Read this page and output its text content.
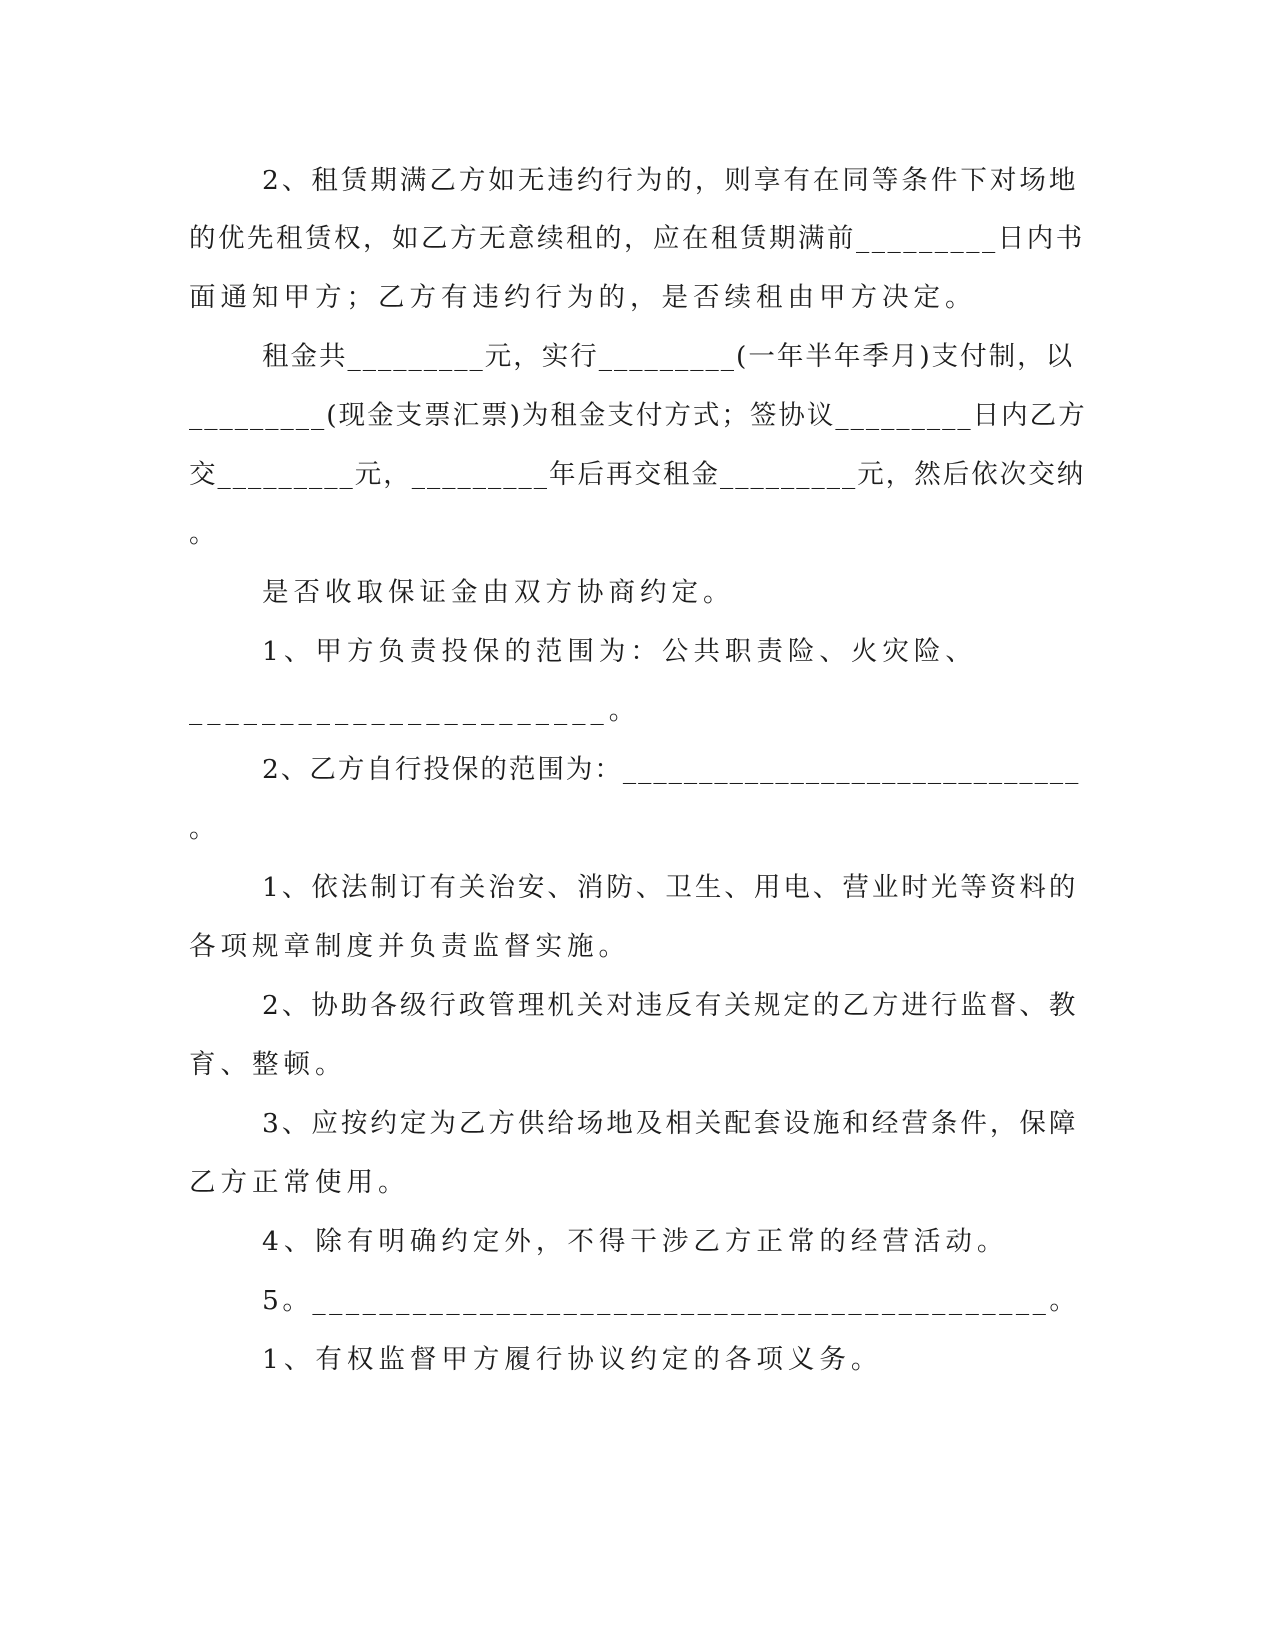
2、租赁期满乙方如无违约行为的，则享有在同等条件下对场地

的优先租赁权，如乙方无意续租的，应在租赁期满前_________日内书

面通知甲方；乙方有违约行为的，是否续租由甲方决定。

租金共_________元，实行_________(一年半年季月)支付制，以

_________(现金支票汇票)为租金支付方式；签协议_________日内乙方

交_________元，_________年后再交租金_________元，然后依次交纳

。

是否收取保证金由双方协商约定。

1、甲方负责投保的范围为：公共职责险、火灾险、

_______________________。

2、乙方自行投保的范围为：______________________________

。

1、依法制订有关治安、消防、卫生、用电、营业时光等资料的

各项规章制度并负责监督实施。

2、协助各级行政管理机关对违反有关规定的乙方进行监督、教

育、整顿。

3、应按约定为乙方供给场地及相关配套设施和经营条件，保障

乙方正常使用。

4、除有明确约定外，不得干涉乙方正常的经营活动。

5。____________________________________________。

1、有权监督甲方履行协议约定的各项义务。
